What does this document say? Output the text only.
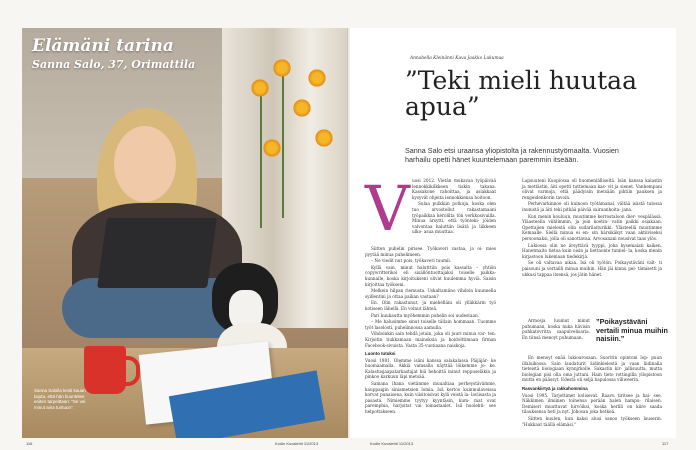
Elämäni tarina
Sanna Salo, 37, Orimattila
Sanna Salolla kesti kauan tajuta, että hän kuuntelee eniten tarpeittaan: "Se vei minut aina tuntuun".
116	Kodin Kuvalehti 11/2013
Annabella Kleinänni Kuva Jaakko Lukumaa
”Teki mieli huutaa apua”
Sanna Salo etsi uraansa yliopistolta ja rakennustyömaalta. Vuosien harhailu opetti hänet kuuntelemaan paremmin itseään.
V uosi 2012. Vietän mukavaa työpäivää lennokkikilkkeen tiskin takana. Kassakone rahoittaa, ja asiakkaat kysyvät ohjeita lennokkiensa hoitoon.

Sulaa pulkkiin potkuja, koska olen tuo arvostellut rakastamaani työpaikkaa kerolilta tön verkkosivuilla. Minua ärsytti, että työnteki- jöiden valvontaa haluttiin lisätä ja liikkeen ulko- asua muuttaa.

Siitten puhelin pirisee. Työkaveri vastaa, ja oi- mies pyytää minua puhelimeen.

– Ne viedit nut pois, työkaveri tuumii.

Kyllä vain, minut halutttiin pois kassalta – yhtiön copywritterikoi eli sisällöntuottajaksi toiselle paikka- kunnalle, koska kirjoitukseni olivat kuulemma hyviä. Saisin kirjoittaa työkseni.

Melkein hilpan riemusta. Uskaltamiino vihdoin kuunnella syillentini ja ottaa paikan vastaan?

En. Olin rakastunut, ja miehelläni oli ylläkkärin työ kotiseen lähellä. En voinut lähteä.

Pari kuukautta myöhemmin puhelin soi uudestaan.

– Me halusimme sinut toiselle tällain hommaan. Tuomme työt lasolosti, puhelinnossa aamulla.

Vihdoinkin sain tehdä jotain, joka oli juuri minua var- ten. Kirjoitin tiukkamaan mainoksia ja hoidolttimaan firman Facebook-sivuista. Vasta 35-vuotiaana naiskoja.

Luonto tutuksi

Vuosi 1981. Olemme isäni kanssa salakalassa Päijäjär- ke huomaamalla. Äkkiä vamsalla näyttää löikemme jo- ke. Kalastusjaapatarkastajat hiä hehoittä minut reppuseläkin ja pinkoo karkuun läpi metsää.

Samana ihana vietämme muualtiaa perheystävämme, kauppaigin siniametsien lomia. Isä kertoo kuinmulaveissa korvat punaisena, kuin viisitoisivat kylä veistä la- laviisasta ja pasasta. Nimiemme tyytyy kyyntäsin, kum- mat ovat paremphia, harjoitat vai toinastaalet. Isä huolehti- see helpottakseen.

Lapsuuteni Kuopiossa oli huomenlälliseltä. Isän kanssa kalastin ja mettästin, äiti opetti tuttiemaan kas- vit ja sienet. Vanhempani olivat varmoja, että päädyisin metsään pihtiin pauksen ja rengeidenkorin tavoin.

Perhevarkinnoe oli kuinoon työtämanal, vältää isästä tulossa inunistä ja äiti teki pitkää päivää sairaanhoita- jana.

Kun menin kouluun, muutimme kerrostaloon dier- vespälässä. Yläasteella viihlimmin, ja join koetin- vatin paikki osiakaan. Opettajien mielestä olin sudarilaiturikki. Ylästeellä muutimme Kemaalle. Siellä minua ei en- sin härsikäkyt vaan aktiiviseksi persoonaksi, jolla oli sanottavaa. Arvosanani nousivat taas ylös.

Lukiossa olin ne ärsyttävä tyyppi, joka kysemaiati kaiken. Hanetmaito tietoa kuin oisin ja liettaonte tunnel- la, koska menin kirjastoon lukemaan tiedekirjä.

Se oli valtavaa aikaa. Isä oli työtön. Poikaystäväni valt- ti paisouni ja vertailli minua muihin. Hän jäi kinnu pel- tämisetti ja ukkusi tappaa itsensä, jos jätin hänet.

Armosja luuinut minut puhumaan, koska nuka hävisin puhkatovritta saapulvelisaria. En tiinsä menoyt puhumaan.

”Poikaystäväni vertaili minua muihin naisiin.”

En menoyt enää lukiourosaan. Suoritin opintoni lop- puun illaluikossa. Sain laudaturit äidinkielestä ja vaan liidinalla tieteistä biologiaan kynnjrkolle. Sakastin kir- jallisuutta, mutta biologian pisi olla oma juttuni. Hain tieto rottingilla yllopistoon mutta en päässyt. Edestä oli seljä hapulossa viliweerin.

Rasvankiirtyä ja rakkahommina

Vuosi 1995. Tarjottimet kolisevat. Raavu tiritsee ja hai- see. Näkkimen ilmiinen toinensa perään halen hampu- rilaisen. Demiseri muuttuvat hirvöiksi, koska herlili on kiire saada tilauksensa heti ja nyt. Johosan joka hetkeä.

Siitten kuulen, kun kaksi alusi sanoo työkseen lauserin. "Hukkaat täällä elämäsi."

Kodin Kuvalehti 11/2013	117
